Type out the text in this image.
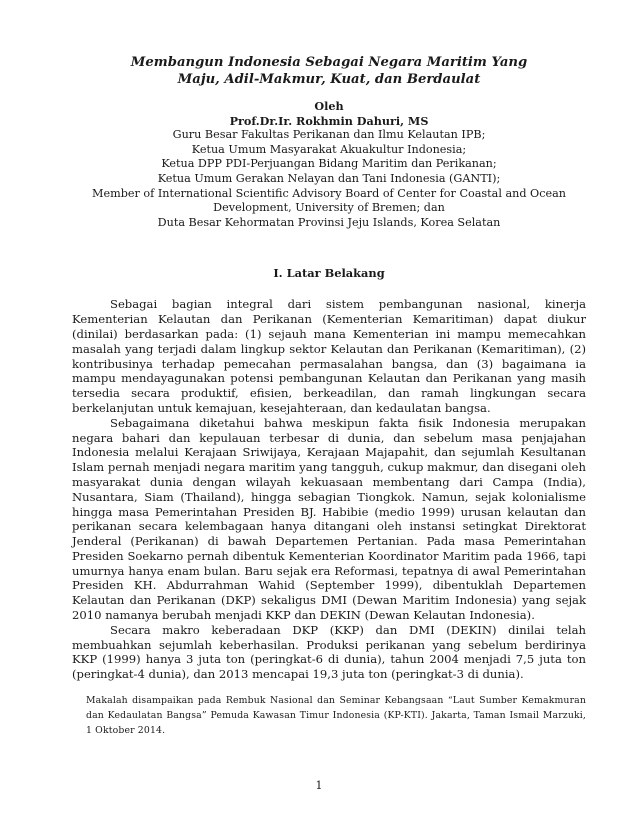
Membangun Indonesia Sebagai Negara Maritim Yang
Maju, Adil-Makmur, Kuat, dan Berdaulat
Oleh
Prof.Dr.Ir. Rokhmin Dahuri, MS
Guru Besar Fakultas Perikanan dan Ilmu Kelautan IPB;
Ketua Umum Masyarakat Akuakultur Indonesia;
Ketua DPP PDI-Perjuangan Bidang Maritim dan Perikanan;
Ketua Umum Gerakan Nelayan dan Tani Indonesia (GANTI);
Member of International Scientific Advisory Board of Center for Coastal and Ocean
Development, University of Bremen; dan
Duta Besar Kehormatan Provinsi Jeju Islands, Korea Selatan
I. Latar Belakang

Sebagai bagian integral dari sistem pembangunan nasional, kinerja Kementerian Kelautan dan Perikanan (Kementerian Kemaritiman) dapat diukur (dinilai) berdasarkan pada: (1) sejauh mana Kementerian ini mampu memecahkan masalah yang terjadi dalam lingkup sektor Kelautan dan Perikanan (Kemaritiman), (2) kontribusinya terhadap pemecahan permasalahan bangsa, dan (3) bagaimana ia mampu mendayagunakan potensi pembangunan Kelautan dan Perikanan yang masih tersedia secara produktif, efisien, berkeadilan, dan ramah lingkungan secara berkelanjutan untuk kemajuan, kesejahteraan, dan kedaulatan bangsa.

Sebagaimana diketahui bahwa meskipun fakta fisik Indonesia merupakan negara bahari dan kepulauan terbesar di dunia, dan sebelum masa penjajahan Indonesia melalui Kerajaan Sriwijaya, Kerajaan Majapahit, dan sejumlah Kesultanan Islam pernah menjadi negara maritim yang tangguh, cukup makmur, dan disegani oleh masyarakat dunia dengan wilayah kekuasaan membentang dari Campa (India), Nusantara, Siam (Thailand), hingga sebagian Tiongkok. Namun, sejak kolonialisme hingga masa Pemerintahan Presiden BJ. Habibie (medio 1999) urusan kelautan dan perikanan secara kelembagaan hanya ditangani oleh instansi setingkat Direktorat Jenderal (Perikanan) di bawah Departemen Pertanian. Pada masa Pemerintahan Presiden Soekarno pernah dibentuk Kementerian Koordinator Maritim pada 1966, tapi umurnya hanya enam bulan. Baru sejak era Reformasi, tepatnya di awal Pemerintahan Presiden KH. Abdurrahman Wahid (September 1999), dibentuklah Departemen Kelautan dan Perikanan (DKP) sekaligus DMI (Dewan Maritim Indonesia) yang sejak 2010 namanya berubah menjadi KKP dan DEKIN (Dewan Kelautan Indonesia).

Secara makro keberadaan DKP (KKP) dan DMI (DEKIN) dinilai telah membuahkan sejumlah keberhasilan. Produksi perikanan yang sebelum berdirinya KKP (1999) hanya 3 juta ton (peringkat-6 di dunia), tahun 2004 menjadi 7,5 juta ton (peringkat-4 dunia), dan 2013 mencapai 19,3 juta ton (peringkat-3 di dunia).

Makalah disampaikan pada Rembuk Nasional dan Seminar Kebangsaan “Laut Sumber Kemakmuran dan Kedaulatan Bangsa” Pemuda Kawasan Timur Indonesia (KP-KTI). Jakarta, Taman Ismail Marzuki, 1 Oktober 2014.
1
